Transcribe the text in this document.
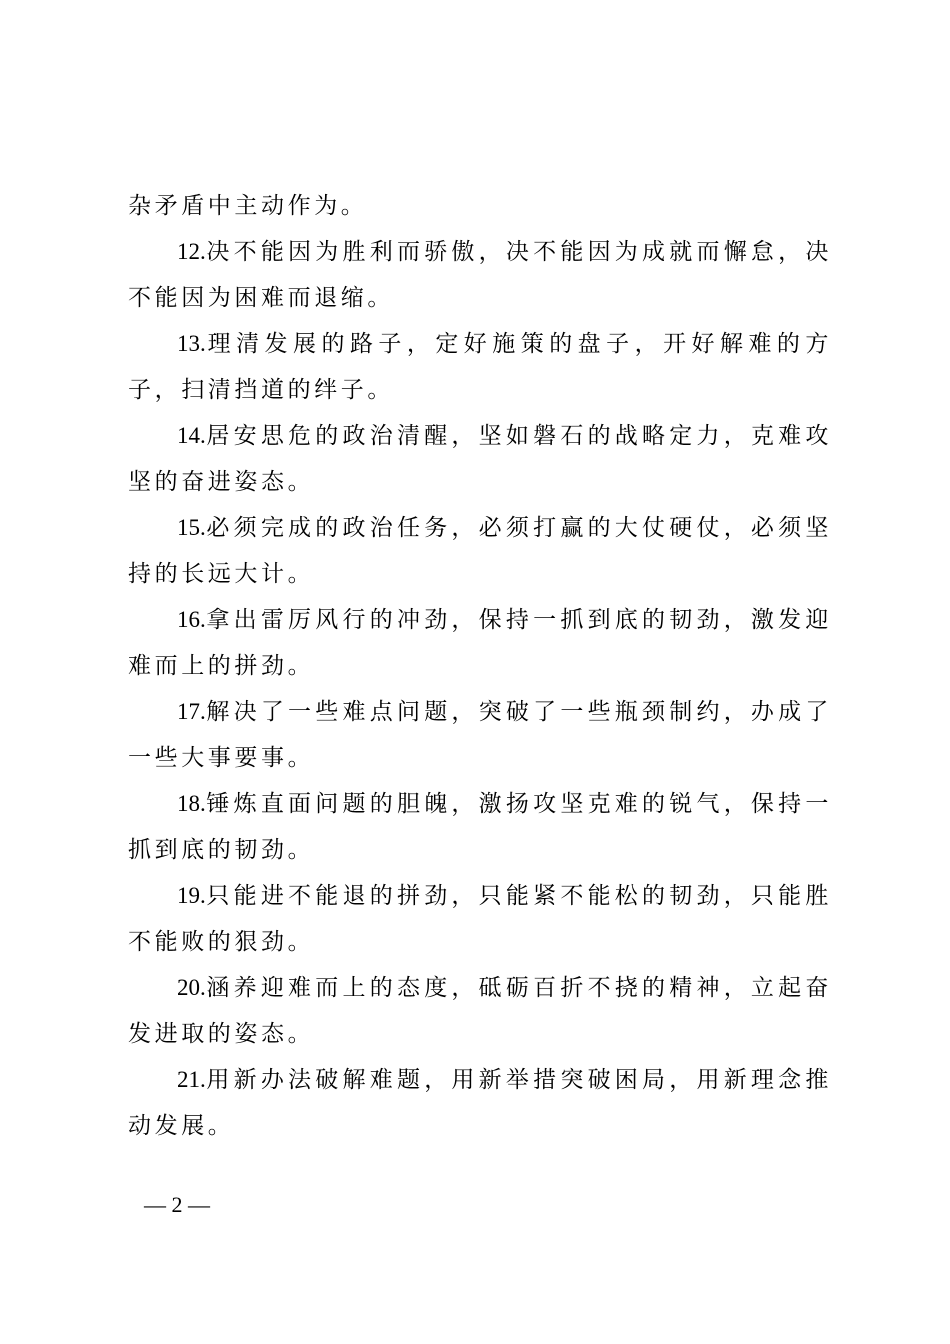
杂矛盾中主动作为。

12.决不能因为胜利而骄傲，决不能因为成就而懈怠，决不能因为困难而退缩。

13.理清发展的路子，定好施策的盘子，开好解难的方子，扫清挡道的绊子。

14.居安思危的政治清醒，坚如磐石的战略定力，克难攻坚的奋进姿态。

15.必须完成的政治任务，必须打赢的大仗硬仗，必须坚持的长远大计。

16.拿出雷厉风行的冲劲，保持一抓到底的韧劲，激发迎难而上的拼劲。

17.解决了一些难点问题，突破了一些瓶颈制约，办成了一些大事要事。

18.锤炼直面问题的胆魄，激扬攻坚克难的锐气，保持一抓到底的韧劲。

19.只能进不能退的拼劲，只能紧不能松的韧劲，只能胜不能败的狠劲。

20.涵养迎难而上的态度，砥砺百折不挠的精神，立起奋发进取的姿态。

21.用新办法破解难题，用新举措突破困局，用新理念推动发展。

— 2 —
